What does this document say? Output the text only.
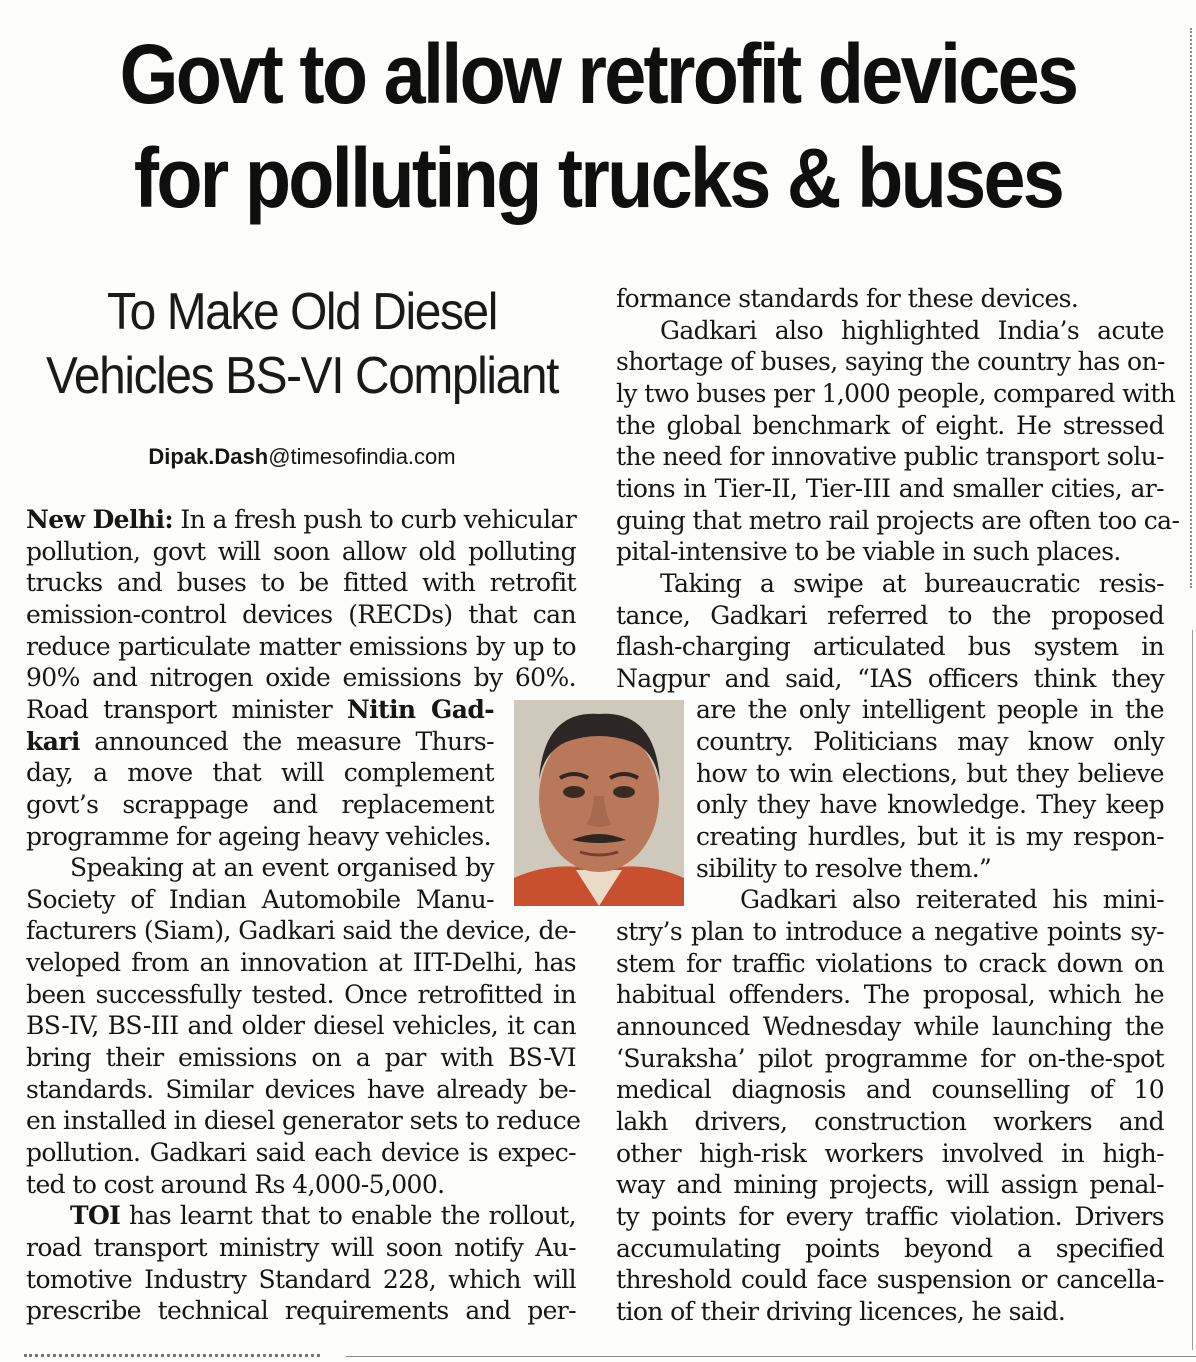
Govt to allow retrofit devices
for polluting trucks & buses
To Make Old Diesel
Vehicles BS-VI Compliant
Dipak.Dash@timesofindia.com
New Delhi: In a fresh push to curb vehicular
pollution, govt will soon allow old polluting
trucks and buses to be fitted with retrofit
emission-control devices (RECDs) that can
reduce particulate matter emissions by up to
90% and nitrogen oxide emissions by 60%.
Road transport minister Nitin Gad-
kari announced the measure Thurs-
day, a move that will complement
govt’s scrappage and replacement
programme for ageing heavy vehicles.
Speaking at an event organised by
Society of Indian Automobile Manu-
facturers (Siam), Gadkari said the device, de-
veloped from an innovation at IIT-Delhi, has
been successfully tested. Once retrofitted in
BS-IV, BS-III and older diesel vehicles, it can
bring their emissions on a par with BS-VI
standards. Similar devices have already be-
en installed in diesel generator sets to reduce
pollution. Gadkari said each device is expec-
ted to cost around Rs 4,000-5,000.
TOI has learnt that to enable the rollout,
road transport ministry will soon notify Au-
tomotive Industry Standard 228, which will
prescribe technical requirements and per-
formance standards for these devices.
Gadkari also highlighted India’s acute
shortage of buses, saying the country has on-
ly two buses per 1,000 people, compared with
the global benchmark of eight. He stressed
the need for innovative public transport solu-
tions in Tier-II, Tier-III and smaller cities, ar-
guing that metro rail projects are often too ca-
pital-intensive to be viable in such places.
Taking a swipe at bureaucratic resis-
tance, Gadkari referred to the proposed
flash-charging articulated bus system in
Nagpur and said, “IAS officers think they
are the only intelligent people in the
country. Politicians may know only
how to win elections, but they believe
only they have knowledge. They keep
creating hurdles, but it is my respon-
sibility to resolve them.”
Gadkari also reiterated his mini-
stry’s plan to introduce a negative points sy-
stem for traffic violations to crack down on
habitual offenders. The proposal, which he
announced Wednesday while launching the
‘Suraksha’ pilot programme for on-the-spot
medical diagnosis and counselling of 10
lakh drivers, construction workers and
other high-risk workers involved in high-
way and mining projects, will assign penal-
ty points for every traffic violation. Drivers
accumulating points beyond a specified
threshold could face suspension or cancella-
tion of their driving licences, he said.
